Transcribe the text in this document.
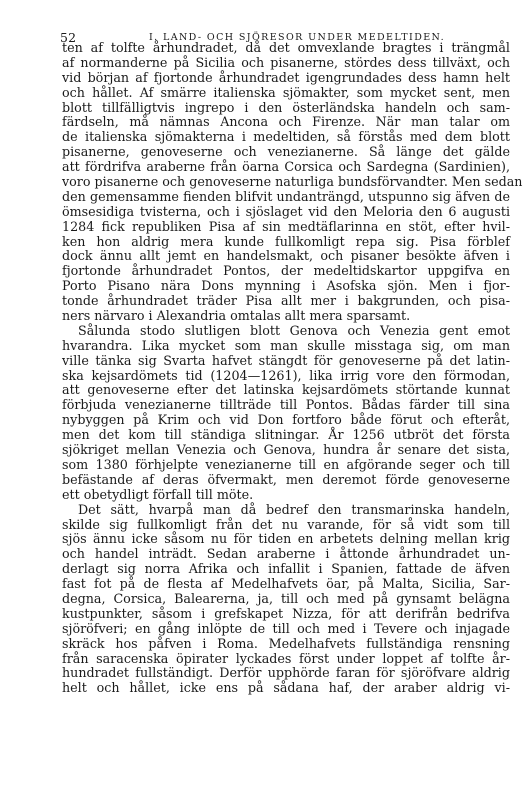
52	I. LAND- OCH SJÖRESOR UNDER MEDELTIDEN.
ten af tolfte århundradet, då det omvexlande bragtes i trängmål
af normanderne på Sicilia och pisanerne, stördes dess tillväxt, och
vid början af fjortonde århundradet igengrundades dess hamn helt
och hållet. Af smärre italienska sjömakter, som mycket sent, men
blott tillfälligtvis ingrepo i den österländska handeln och sam-
färdseln, må nämnas Ancona och Firenze. När man talar om
de italienska sjömakterna i medeltiden, så förstås med dem blott
pisanerne, genoveserne och venezianerne. Så länge det gälde
att fördrifva araberne från öarna Corsica och Sardegna (Sardinien),
voro pisanerne och genoveserne naturliga bundsförvandter. Men sedan
den gemensamme fienden blifvit undanträngd, utspunno sig äfven de
ömsesidiga tvisterna, och i sjöslaget vid den Meloria den 6 augusti
1284 fick republiken Pisa af sin medtäflarinna en stöt, efter hvil-
ken hon aldrig mera kunde fullkomligt repa sig. Pisa förblef
dock ännu allt jemt en handelsmakt, och pisaner besökte äfven i
fjortonde århundradet Pontos, der medeltidskartor uppgifva en
Porto Pisano nära Dons mynning i Asofska sjön. Men i fjor-
tonde århundradet träder Pisa allt mer i bakgrunden, och pisa-
ners närvaro i Alexandria omtalas allt mera sparsamt.
Sålunda stodo slutligen blott Genova och Venezia gent emot
hvarandra. Lika mycket som man skulle misstaga sig, om man
ville tänka sig Svarta hafvet stängdt för genoveserne på det latin-
ska kejsardömets tid (1204—1261), lika irrig vore den förmodan,
att genoveserne efter det latinska kejsardömets störtande kunnat
förbjuda venezianerne tillträde till Pontos. Bådas färder till sina
nybyggen på Krim och vid Don fortforo både förut och efteråt,
men det kom till ständiga slitningar. År 1256 utbröt det första
sjökriget mellan Venezia och Genova, hundra år senare det sista,
som 1380 förhjelpte venezianerne till en afgörande seger och till
befästande af deras öfvermakt, men deremot förde genoveserne
ett obetydligt förfall till möte.
Det sätt, hvarpå man då bedref den transmarinska handeln,
skilde sig fullkomligt från det nu varande, för så vidt som till
sjös ännu icke såsom nu för tiden en arbetets delning mellan krig
och handel inträdt. Sedan araberne i åttonde århundradet un-
derlagt sig norra Afrika och infallit i Spanien, fattade de äfven
fast fot på de flesta af Medelhafvets öar, på Malta, Sicilia, Sar-
degna, Corsica, Balearerna, ja, till och med på gynsamt belägna
kustpunkter, såsom i grefskapet Nizza, för att derifrån bedrifva
sjöröfveri; en gång inlöpte de till och med i Tevere och injagade
skräck hos påfven i Roma. Medelhafvets fullständiga rensning
från saracenska öpirater lyckades först under loppet af tolfte år-
hundradet fullständigt. Derför upphörde faran för sjöröfvare aldrig
helt och hållet, icke ens på sådana haf, der araber aldrig vi-
